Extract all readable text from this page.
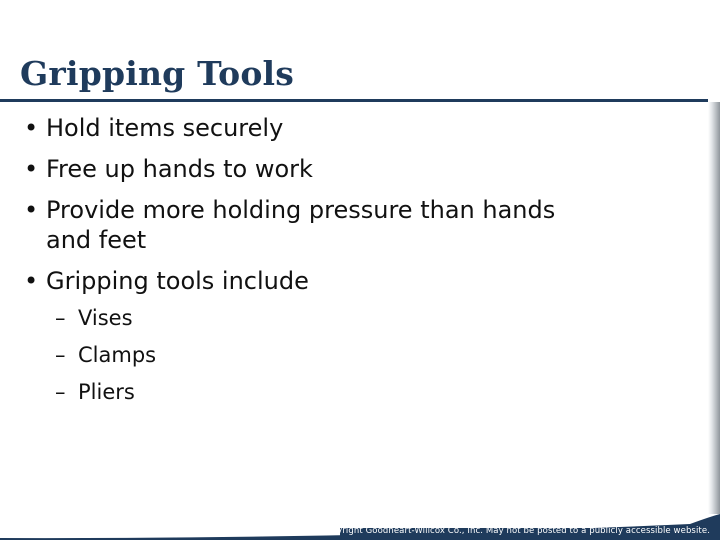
Gripping Tools
• Hold items securely
• Free up hands to work
• Provide more holding pressure than hands and feet
• Gripping tools include
– Vises
– Clamps
– Pliers
Copyright Goodheart-Willcox Co., Inc. May not be posted to a publicly accessible website.
